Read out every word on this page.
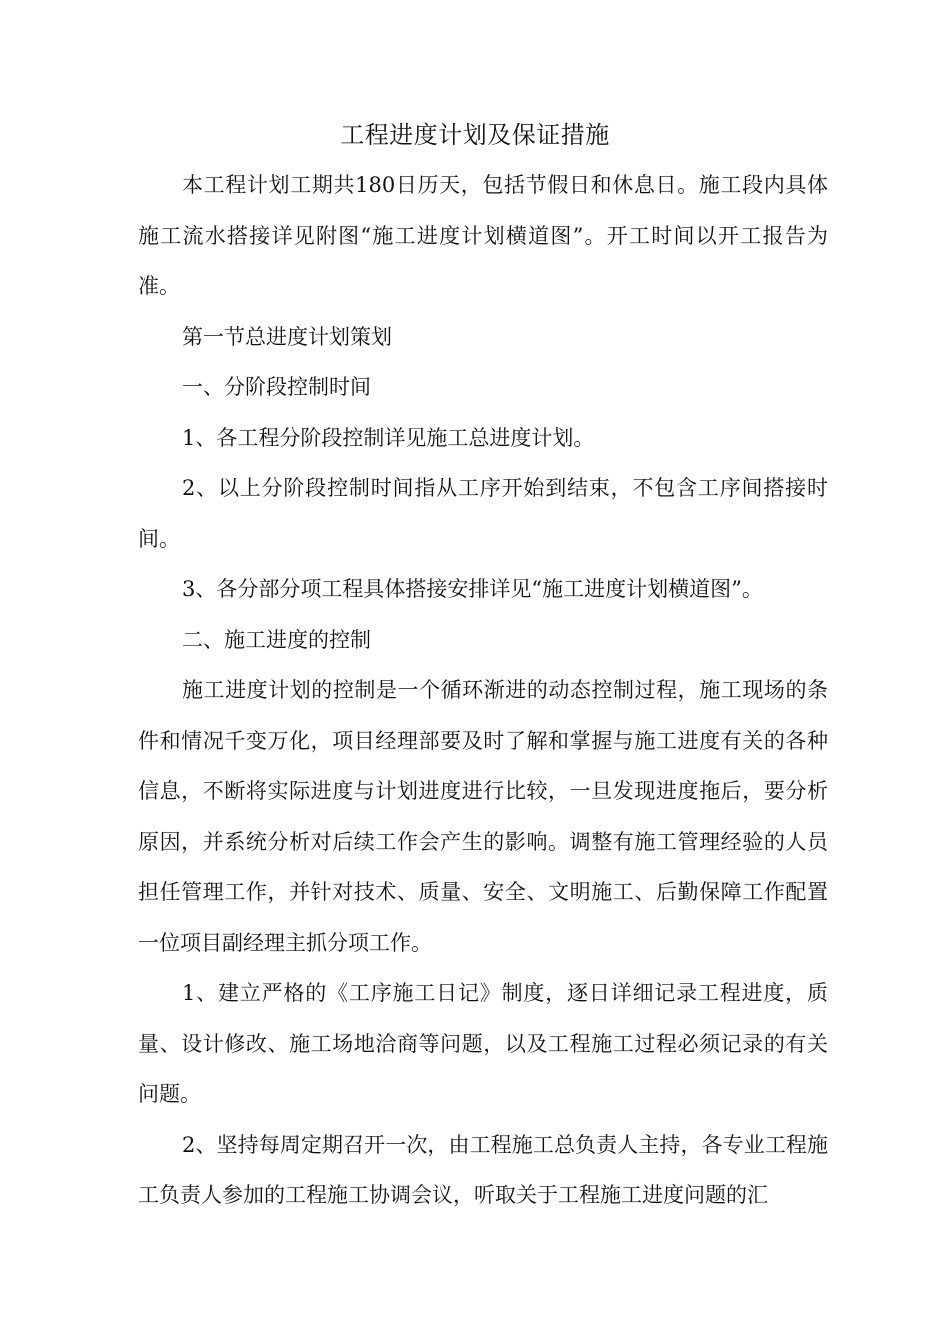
工程进度计划及保证措施

本工程计划工期共180日历天，包括节假日和休息日。施工段内具体施工流水搭接详见附图“施工进度计划横道图”。开工时间以开工报告为准。

第一节总进度计划策划

一、分阶段控制时间

1、各工程分阶段控制详见施工总进度计划。

2、以上分阶段控制时间指从工序开始到结束，不包含工序间搭接时间。

3、各分部分项工程具体搭接安排详见“施工进度计划横道图”。

二、施工进度的控制

施工进度计划的控制是一个循环渐进的动态控制过程，施工现场的条件和情况千变万化，项目经理部要及时了解和掌握与施工进度有关的各种信息，不断将实际进度与计划进度进行比较，一旦发现进度拖后，要分析原因，并系统分析对后续工作会产生的影响。调整有施工管理经验的人员担任管理工作，并针对技术、质量、安全、文明施工、后勤保障工作配置一位项目副经理主抓分项工作。

1、建立严格的《工序施工日记》制度，逐日详细记录工程进度，质量、设计修改、施工场地洽商等问题，以及工程施工过程必须记录的有关问题。

2、坚持每周定期召开一次，由工程施工总负责人主持，各专业工程施工负责人参加的工程施工协调会议，听取关于工程施工进度问题的汇
